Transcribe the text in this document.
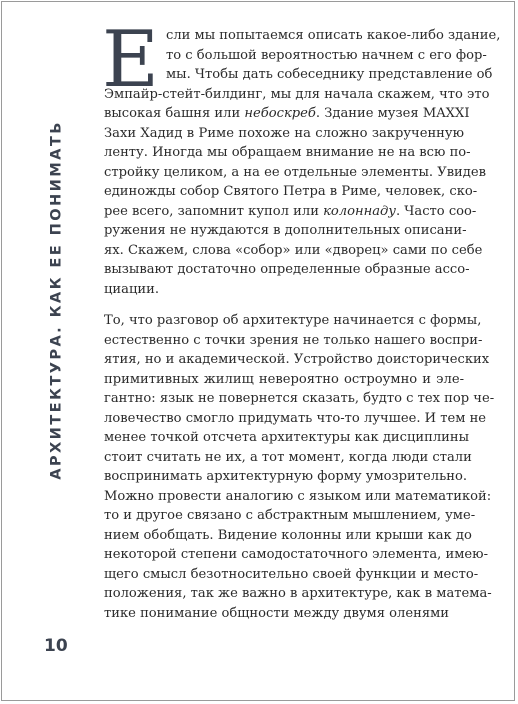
АРХИТЕКТУРА. КАК ЕЕ ПОНИМАТЬ
Е сли мы попытаемся описать какое-либо здание,
то с большой вероятностью начнем с его фор-
мы. Чтобы дать собеседнику представление об
Эмпайр-стейт-билдинг, мы для начала скажем, что это
высокая башня или небоскреб. Здание музея MAXXI
Захи Хадид в Риме похоже на сложно закрученную
ленту. Иногда мы обращаем внимание не на всю по-
стройку целиком, а на ее отдельные элементы. Увидев
единожды собор Святого Петра в Риме, человек, ско-
рее всего, запомнит купол или колоннаду. Часто соо-
ружения не нуждаются в дополнительных описани-
ях. Скажем, слова «собор» или «дворец» сами по себе
вызывают достаточно определенные образные ассо-
циации.
То, что разговор об архитектуре начинается с формы,
естественно с точки зрения не только нашего воспри-
ятия, но и академической. Устройство доисторических
примитивных жилищ невероятно остроумно и эле-
гантно: язык не повернется сказать, будто с тех пор че-
ловечество смогло придумать что-то лучшее. И тем не
менее точкой отсчета архитектуры как дисциплины
стоит считать не их, а тот момент, когда люди стали
воспринимать архитектурную форму умозрительно.
Можно провести аналогию с языком или математикой:
то и другое связано с абстрактным мышлением, уме-
нием обобщать. Видение колонны или крыши как до
некоторой степени самодостаточного элемента, имею-
щего смысл безотносительно своей функции и место-
положения, так же важно в архитектуре, как в матема-
тике понимание общности между двумя оленями
10
